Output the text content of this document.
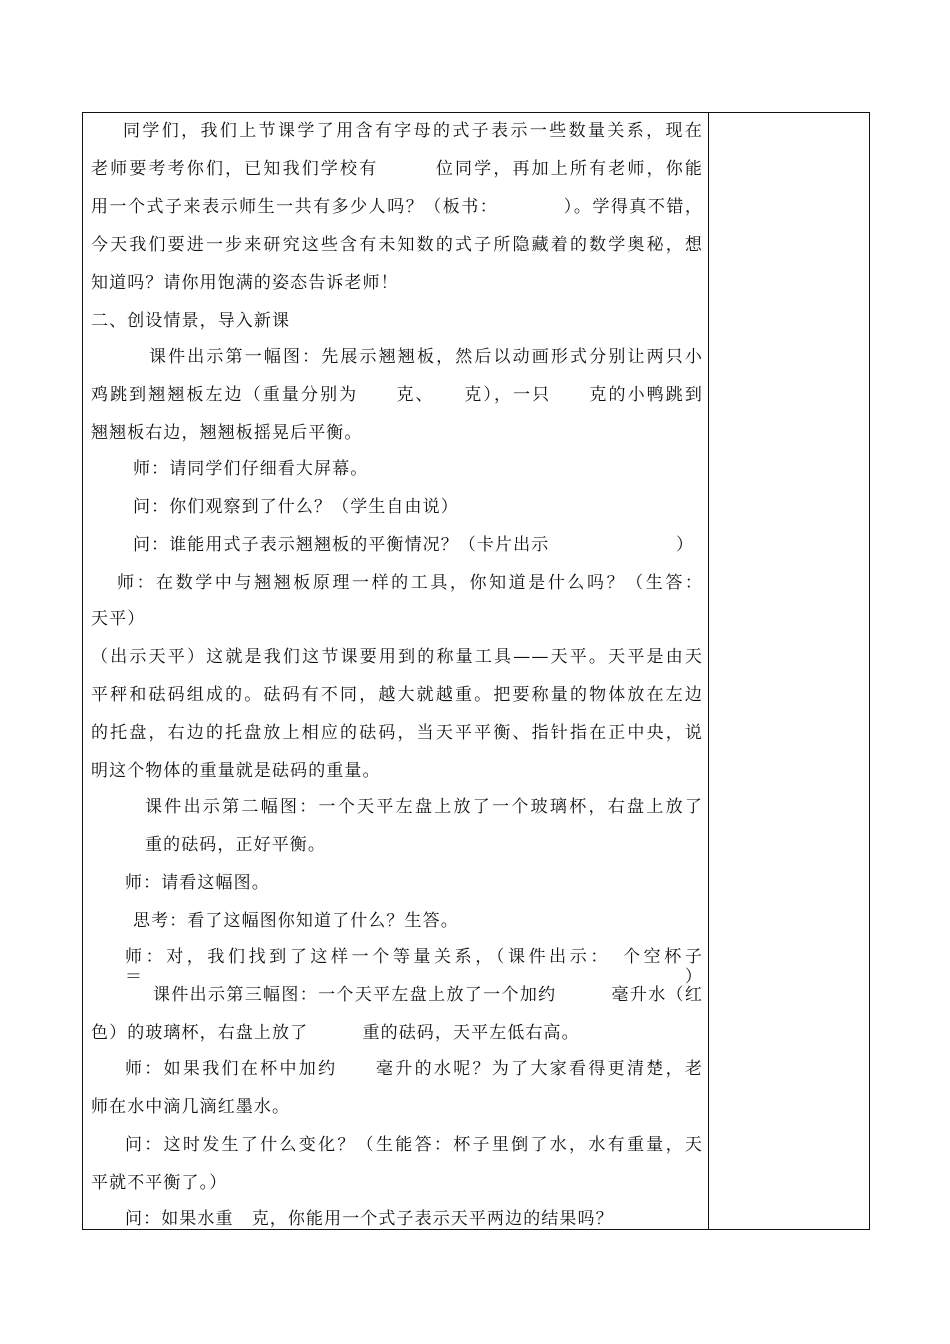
同学们，我们上节课学了用含有字母的式子表示一些数量关系，现在
老师要考考你们，已知我们学校有　　　位同学，再加上所有老师，你能
用一个式子来表示师生一共有多少人吗？（板书：　　　　）。学得真不错，
今天我们要进一步来研究这些含有未知数的式子所隐藏着的数学奥秘，想
知道吗？请你用饱满的姿态告诉老师！
二、创设情景，导入新课
课件出示第一幅图：先展示翘翘板，然后以动画形式分别让两只小
鸡跳到翘翘板左边（重量分别为　　克、　　克），一只　　克的小鸭跳到
翘翘板右边，翘翘板摇晃后平衡。
师：请同学们仔细看大屏幕。
问：你们观察到了什么？（学生自由说）
问：谁能用式子表示翘翘板的平衡情况？（卡片出示　　　　　　　）
师：在数学中与翘翘板原理一样的工具，你知道是什么吗？（生答：
天平）
（出示天平）这就是我们这节课要用到的称量工具——天平。天平是由天
平秤和砝码组成的。砝码有不同，越大就越重。把要称量的物体放在左边
的托盘，右边的托盘放上相应的砝码，当天平平衡、指针指在正中央，说
明这个物体的重量就是砝码的重量。
课件出示第二幅图：一个天平左盘上放了一个玻璃杯，右盘上放了
重的砝码，正好平衡。
师：请看这幅图。
思考：看了这幅图你知道了什么？生答。
师：对，我们找到了这样一个等量关系，（课件出示：　个空杯子＝　　　）
课件出示第三幅图：一个天平左盘上放了一个加约　　　毫升水（红
色）的玻璃杯，右盘上放了　　　重的砝码，天平左低右高。
师：如果我们在杯中加约　　毫升的水呢？为了大家看得更清楚，老
师在水中滴几滴红墨水。
问：这时发生了什么变化？（生能答：杯子里倒了水，水有重量，天
平就不平衡了。）
问：如果水重　克，你能用一个式子表示天平两边的结果吗？
